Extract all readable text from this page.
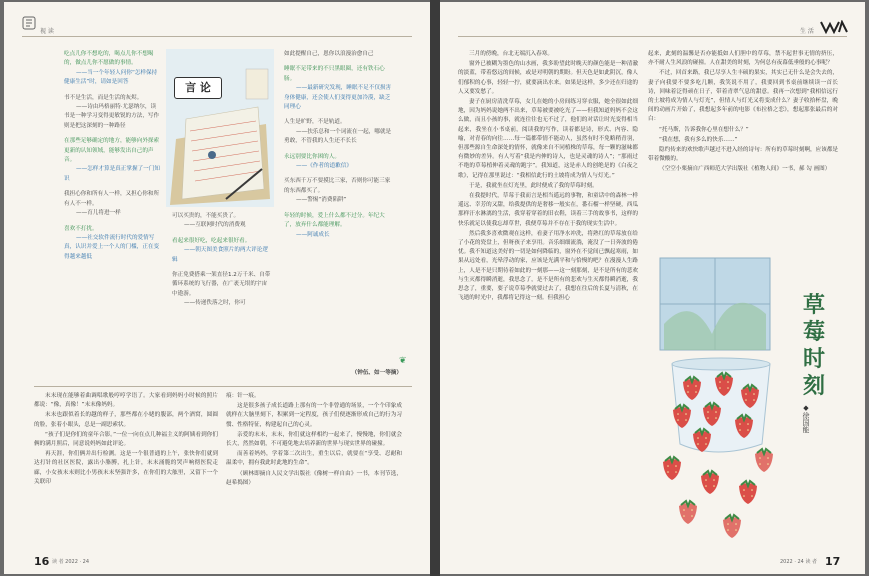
视 读

吃点儿你不想吃的，喝点儿你不想喝的，做点儿你不愿做的事情。
——当一个年轻人问你“怎样保持健康生活”时，请如是回答

书不是生活，而是生活的灰烬。
——诗由玛格丽特·尤瑟纳尔，读书是一种学习变得更敏锐的方法，写作则是把这深刻的一种路径

在那些足够确定的地方，能够向外探索更新的认知领域，能够发出自己的声音。
——怎样才算是真正掌握了一门知识

我担心你和所有人一样，又担心你和所有人不一样。
——育儿将进一样

喜欢不打扰。
——社交软件流行时代的爱情写真，认识并爱上一个人的门槛，正在变得越来越低

言 论

可以买贵的，不能买贵了。
——互联网时代的消费观

看起来很好吃，吃起来很好看。
——朝天图美食照片的两大评论逻辑

你正免费搭乘一架直径1.2万千米、自带循环系统的飞行器，在广袤无垠的宇宙中遨游。
——传递佚落之时，你可

如此提醒自己，恩你以浪漫治愈自己

睡眠不足带来的不只黑眼圈，还有铁石心肠。
——最新研究发现，睡眠不足不仅损害身体健康，还会使人们变得更加冷漠，缺乏同理心

人生是旷野，不是轨道。
——扶乐总和一个词流在一起，哪就是勇敢，不管我的人生还不长长

永远别要比你困的人。
——《作者的道歉信》

买东西千万不要摸比三家，否则你可能三家的东西都买了。
——警惕“消费陷阱”

年轻的时候，爱上什么都不过分。年纪大了，放弃什么都能理解。
——阿诚成长

❦
（钟伍、如一等摘）

末末现在能够着曲调唱歌般哼哼学语了。大家看到妈妈小时候的照片都说：“像，真像！”末末像妈妈。

末末也跟似着长的越的样子，那些都在小姥的腹部，两个酒窝，圆圆的脸，张着小眼头，总是一副思索状。

“孩子们是你们的童年合影。”一位一向在点几种福主义的阿姨看到你们俩的满月照后，同意说妈妈如此评论。

再天涯，你们俩并出行检测。这是一个很普通的上午，张快你们就到达打针的社区医院，露出小胳膊，扎上针，末末涌脆的哭声响彻医院走廊，小女孩末末则比小男孩末末坚强许多，在你们的大舷里，又留下一个关联印

痕：针一痕。

这是很多孩子成长道路上那有的一个非曾通的场景，一个个印象成就样在大脑里刻下，积累到一定程度，孩子们便逐渐形成自己的行为习惯、性格特征，构建起自己的心灵。

亲爱的末末，末末，你们就这样相约一起来了，慢慢地，你们就会长大，然然如朝，不可避免地去培养新的世界与现实世界的碰撞。

而善着妈妈，学着第二次出生，重生以后，就要在“享受、忍耐和温柔中，拥有我此时此地的生命”。

（顾林即摘自人民文学出版社《像树一样自由》一书，本刊节选，赵希捣图）

16 读 者 2022 · 24
生 活

三月的傍晚，台北无端沉入春寒。

窗外已被糊为墨色的山水画，我多盼望此时晚天的颜色能是一种清澈的淡蓝，带着悠远的间候，或是对明朝的期盼。但天色是如此阴沉，像人们郁积的心事，轻轻一拧，就要滴出水来。如果是这样，多少还在归途的人又要发愁了。

妻子在厨房清洗草莓，女儿在她的小房间练习穿衣服，她全很如此细地，因为妈妈说她两不出来，草莓被要被吃光了——但我知道妈妈不会这么做，而且小孩的事，就连往往也无不过了，他们的对话让时光变得相当起来，我坐在小书桌前，阅读我的写作，读着都是诗，形式、内容、隐喻，对青春的向往……每一篇都带情不能动人，虽然有时不免略稍青羽，但那些源自生命深处的情怀，就像来自不同植株的草莓，每一颗的滋味都有微妙的差异。有人写着“我是内伸的诗人，也是灵魂的诗人”；“那雨过不绝的草莓植伸着灵魂的跑字”。我知道，这是赤人的创绝是的《白夜之歌》，记得在那里说过：“我相信此行的土坡将成为情人与灯光。”

于是，我就坐在灯光里，此时便成了我的草莓时刻。

在我提时代，草莓于我而言是相当遥远的事物，和童话中的森林一样遥远、幸芳的又甜，给我提供的是奢移一般实在，番石榴一样坚硬，西瓜那样汗水淋漓的生活，我穿着穿着的旧衣鞋，读着三手的故事书，这样的快乐就足以使我忘却草世，我便草莓并不存在于我的现实生活中。

然后我多喜欢微观在这样，看妻子用净水冲洗，将熟红的草莓放在给了小花的瓷盘上，但呀孩子来享用。音乐细细流淌，淹没了一日奔波的倦忧。我不知道这美好的一切是如何降临的，窗外在不觉间已飘起寒雨，如果从远处看，光晕浮动的家，应该是光满平和与恰慢的吧？在漫漫人生路上，人是不是只期待着如此的一刻那——这一刻那刻，是不是所有的悲欢与生灭都得瞬消逝，我思念了，是不是所有的悲欢与生灭都得瞬消逝，我思念了，重要，要子说草莓季就要过去了，我想在往后的长夏与清秋，在飞逝的时光中，我都将记得这一刻。但我担心

起来，此刻的温馨是否亦能抵如人们胆中的草莓，禁不起世事无情的挤压，亦不耐人生风浪的碰撞。人在甜美的时刻，为何总有夜幕低垂般的心事呢？

不过，回首来路，我已尽享人生丰硕的果实，其实已无什么是会失去的，妻子向我要不要多吃几颗，我笑说不用了，我要回到书桌前继续读一首长诗，回味着泛得顽在日子，带着青翠气息的甜意。我再一次想到“我相信远行的土坡将成为情人与灯光”，但情人与灯光又将变成什么？妻子收拾杯盘，晚间的动画片开始了，我想起多年前的电影《布拉格之恋》，想起那张最后的对白：

“托马斯，告诉我你心里在想什么？”

“我在想，我有多么的快乐……”

隐约传来的欢快歌声越过不进入经的诗句：所有的草莓时刻啊，应该都是带着微酸的。

（空空小栗摘自广西师范大学出版社《植物人间》一书，郝 勾 画图）

草
莓
时
刻
◆徐国能
2022 · 24 读 者 17
